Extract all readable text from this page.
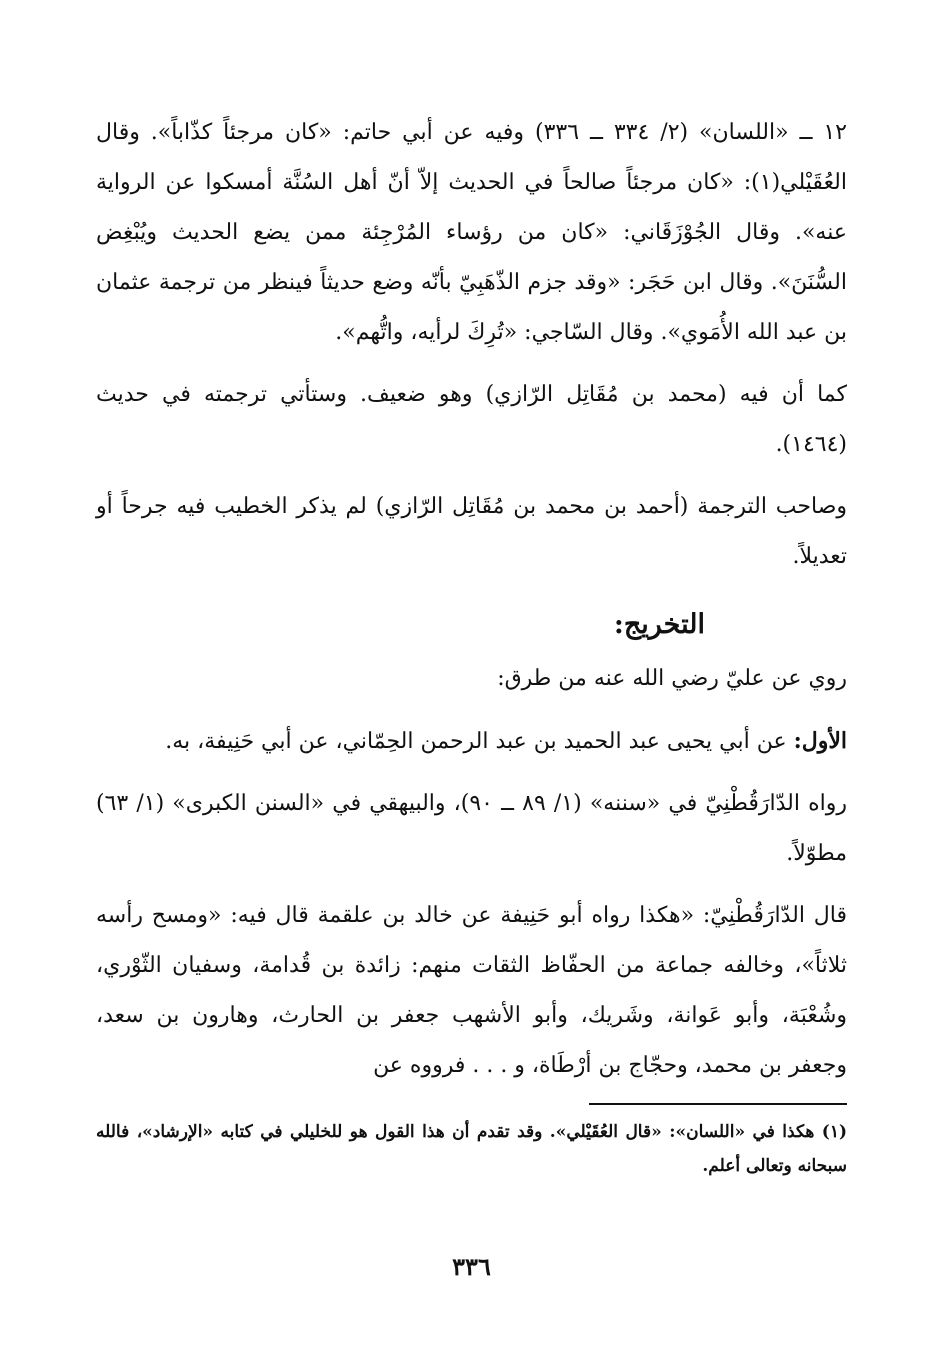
١٢ ــ «اللسان» (٢/ ٣٣٤ ــ ٣٣٦) وفيه عن أبي حاتم: «كان مرجئاً كذّاباً». وقال العُقَيْلي(١): «كان مرجئاً صالحاً في الحديث إلاّ أنّ أهل السُنَّة أمسكوا عن الرواية عنه». وقال الجُوْزَقَاني: «كان من رؤساء المُرْجِئة ممن يضع الحديث ويُبْغِض السُّنَنَ». وقال ابن حَجَر: «وقد جزم الذّهَبِيّ بأنّه وضع حديثاً فينظر من ترجمة عثمان بن عبد الله الأُمَوي». وقال السّاجي: «تُرِكَ لرأيه، واتُّهم».

كما أن فيه (محمد بن مُقَاتِل الرّازي) وهو ضعيف. وستأتي ترجمته في حديث (١٤٦٤).

وصاحب الترجمة (أحمد بن محمد بن مُقَاتِل الرّازي) لم يذكر الخطيب فيه جرحاً أو تعديلاً.

التخريج:

روي عن عليّ رضي الله عنه من طرق:

الأول: عن أبي يحيى عبد الحميد بن عبد الرحمن الحِمّاني، عن أبي حَنِيفة، به.

رواه الدّارَقُطْنِيّ في «سننه» (١/ ٨٩ ــ ٩٠)، والبيهقي في «السنن الكبرى» (١/ ٦٣) مطوّلاً.

قال الدّارَقُطْنِيّ: «هكذا رواه أبو حَنِيفة عن خالد بن علقمة قال فيه: «ومسح رأسه ثلاثاً»، وخالفه جماعة من الحفّاظ الثقات منهم: زائدة بن قُدامة، وسفيان الثّوْري، وشُعْبَة، وأبو عَوانة، وشَريك، وأبو الأشهب جعفر بن الحارث، وهارون بن سعد، وجعفر بن محمد، وحجّاج بن أرْطَاة، و . . . فرووه عن

(١) هكذا في «اللسان»: «قال العُقَيْلي». وقد تقدم أن هذا القول هو للخليلي في كتابه «الإرشاد»، فالله سبحانه وتعالى أعلم.

٣٣٦
